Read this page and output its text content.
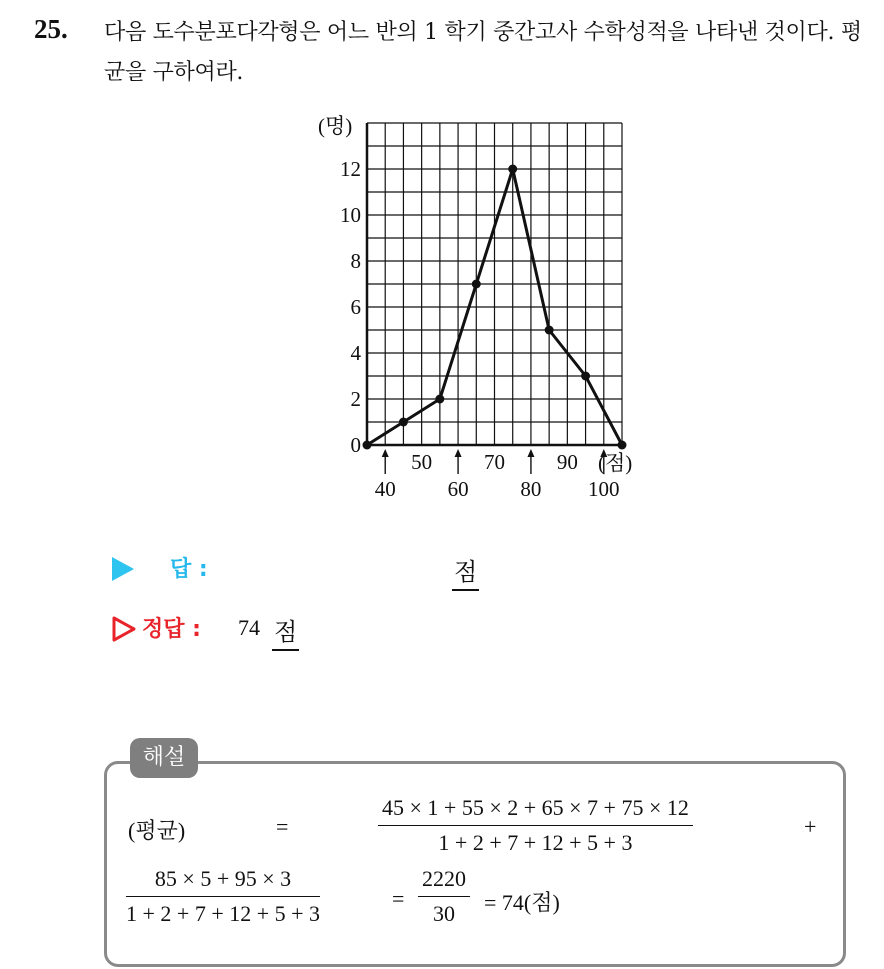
25. 다음 도수분포다각형은 어느 반의 1 학기 중간고사 수학성적을 나타낸 것이다. 평균을 구하여라.
0
2
4
6
8
10
12
50 70 90
40 60 80 100
(명)
(점)
답 :	점
정답 : 74 점
해설
(평균)	=	$\frac{45 \times 1 + 55 \times 2 + 65 \times 7 + 75 \times 12}{1 + 2 + 7 + 12 + 5 + 3}$	+
$\frac{85 \times 5 + 95 \times 3}{1 + 2 + 7 + 12 + 5 + 3}$	= $\frac{2220}{30} = 74$(점)
